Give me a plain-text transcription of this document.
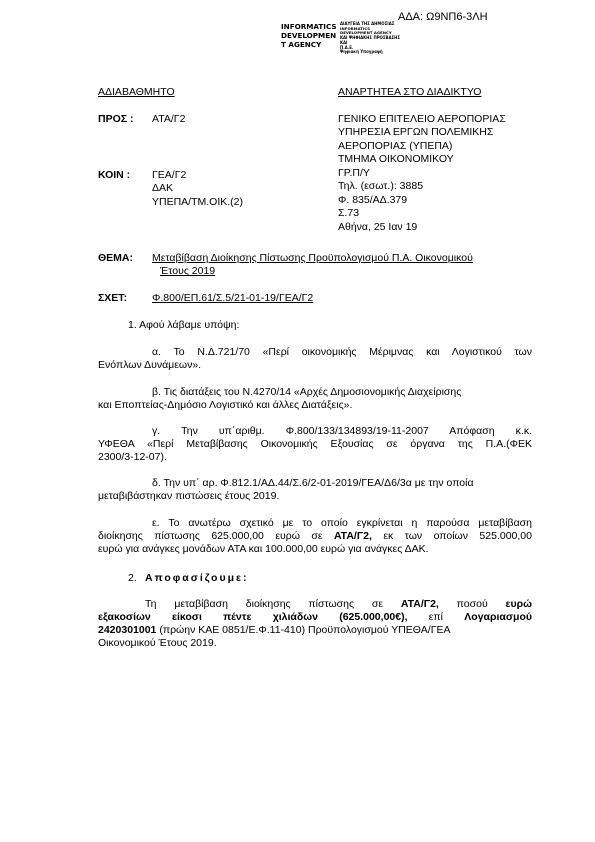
ΑΔΑ: Ω9ΝΠ6-3ΛΗ
INFORMATICS
DEVELOPMEN
T AGENCY
ΔΙΑΥΓΕΙΑ ΤΗΣ ΔΗΜΟΣΙΑΣ
INFORMATICS
DEVELOPMENT AGENCY
ΚΑΙ ΨΗΦΙΑΚΗΣ ΠΡΟΣΒΑΣΗΣ
ΚΑΙ
Π.Α.Ε.
Ψηφιακή Υπογραφή
ΑΔΙΑΒΑΘΜΗΤΟ	ΑΝΑΡΤΗΤΕΑ ΣΤΟ ΔΙΑΔΙΚΤΥΟ
ΠΡΟΣ : ΑΤΑ/Γ2
ΚΟΙΝ : ΓΕΑ/Γ2
ΔΑΚ
ΥΠΕΠΑ/ΤΜ.ΟΙΚ.(2)
ΓΕΝΙΚΟ ΕΠΙΤΕΛΕΙΟ ΑΕΡΟΠΟΡΙΑΣ
ΥΠΗΡΕΣΙΑ ΕΡΓΩΝ ΠΟΛΕΜΙΚΗΣ
ΑΕΡΟΠΟΡΙΑΣ (ΥΠΕΠΑ)
ΤΜΗΜΑ ΟΙΚΟΝΟΜΙΚΟΥ
ΓΡ.Π/Υ
Τηλ. (εσωτ.): 3885
Φ. 835/ΑΔ.379
Σ.73
Αθήνα, 25 Ιαν 19
ΘΕΜΑ: Μεταβίβαση Διοίκησης Πίστωσης Προϋπολογισμού Π.Α. Οικονομικού
Έτους 2019
ΣΧΕΤ: Φ.800/ΕΠ.61/Σ.5/21-01-19/ΓΕΑ/Γ2
1. Αφού λάβαμε υπόψη:
α. Το Ν.Δ.721/70 «Περί οικονομικής Μέριμνας και Λογιστικού των
Ενόπλων Δυνάμεων».
β. Τις διατάξεις του Ν.4270/14 «Αρχές Δημοσιονομικής Διαχείρισης
και Εποπτείας-Δημόσιο Λογιστικό και άλλες Διατάξεις».
γ. Την υπ΄αριθμ. Φ.800/133/134893/19-11-2007 Απόφαση κ.κ.
ΥΦΕΘΑ «Περί Μεταβίβασης Οικονομικής Εξουσίας σε όργανα της Π.Α.(ΦΕΚ
2300/3-12-07).
δ. Την υπ΄ αρ. Φ.812.1/ΑΔ.44/Σ.6/2-01-2019/ΓΕΑ/Δ6/3α με την οποία
μεταβιβάστηκαν πιστώσεις έτους 2019.
ε. Το ανωτέρω σχετικό με το οποίο εγκρίνεται η παρούσα μεταβίβαση
διοίκησης πίστωσης 625.000,00 ευρώ σε ΑΤΑ/Γ2, εκ των οποίων 525.000,00
ευρώ για ανάγκες μονάδων ΑΤΑ και 100.000,00 ευρώ για ανάγκες ΔΑΚ.
2. Αποφασίζουμε:
Τη μεταβίβαση διοίκησης πίστωσης σε ΑΤΑ/Γ2, ποσού ευρώ
εξακοσίων είκοσι πέντε χιλιάδων (625.000,00€), επί Λογαριασμού
2420301001 (πρώην ΚΑΕ 0851/Ε.Φ.11-410) Προϋπολογισμού ΥΠΕΘΑ/ΓΕΑ
Οικονομικού Έτους 2019.
